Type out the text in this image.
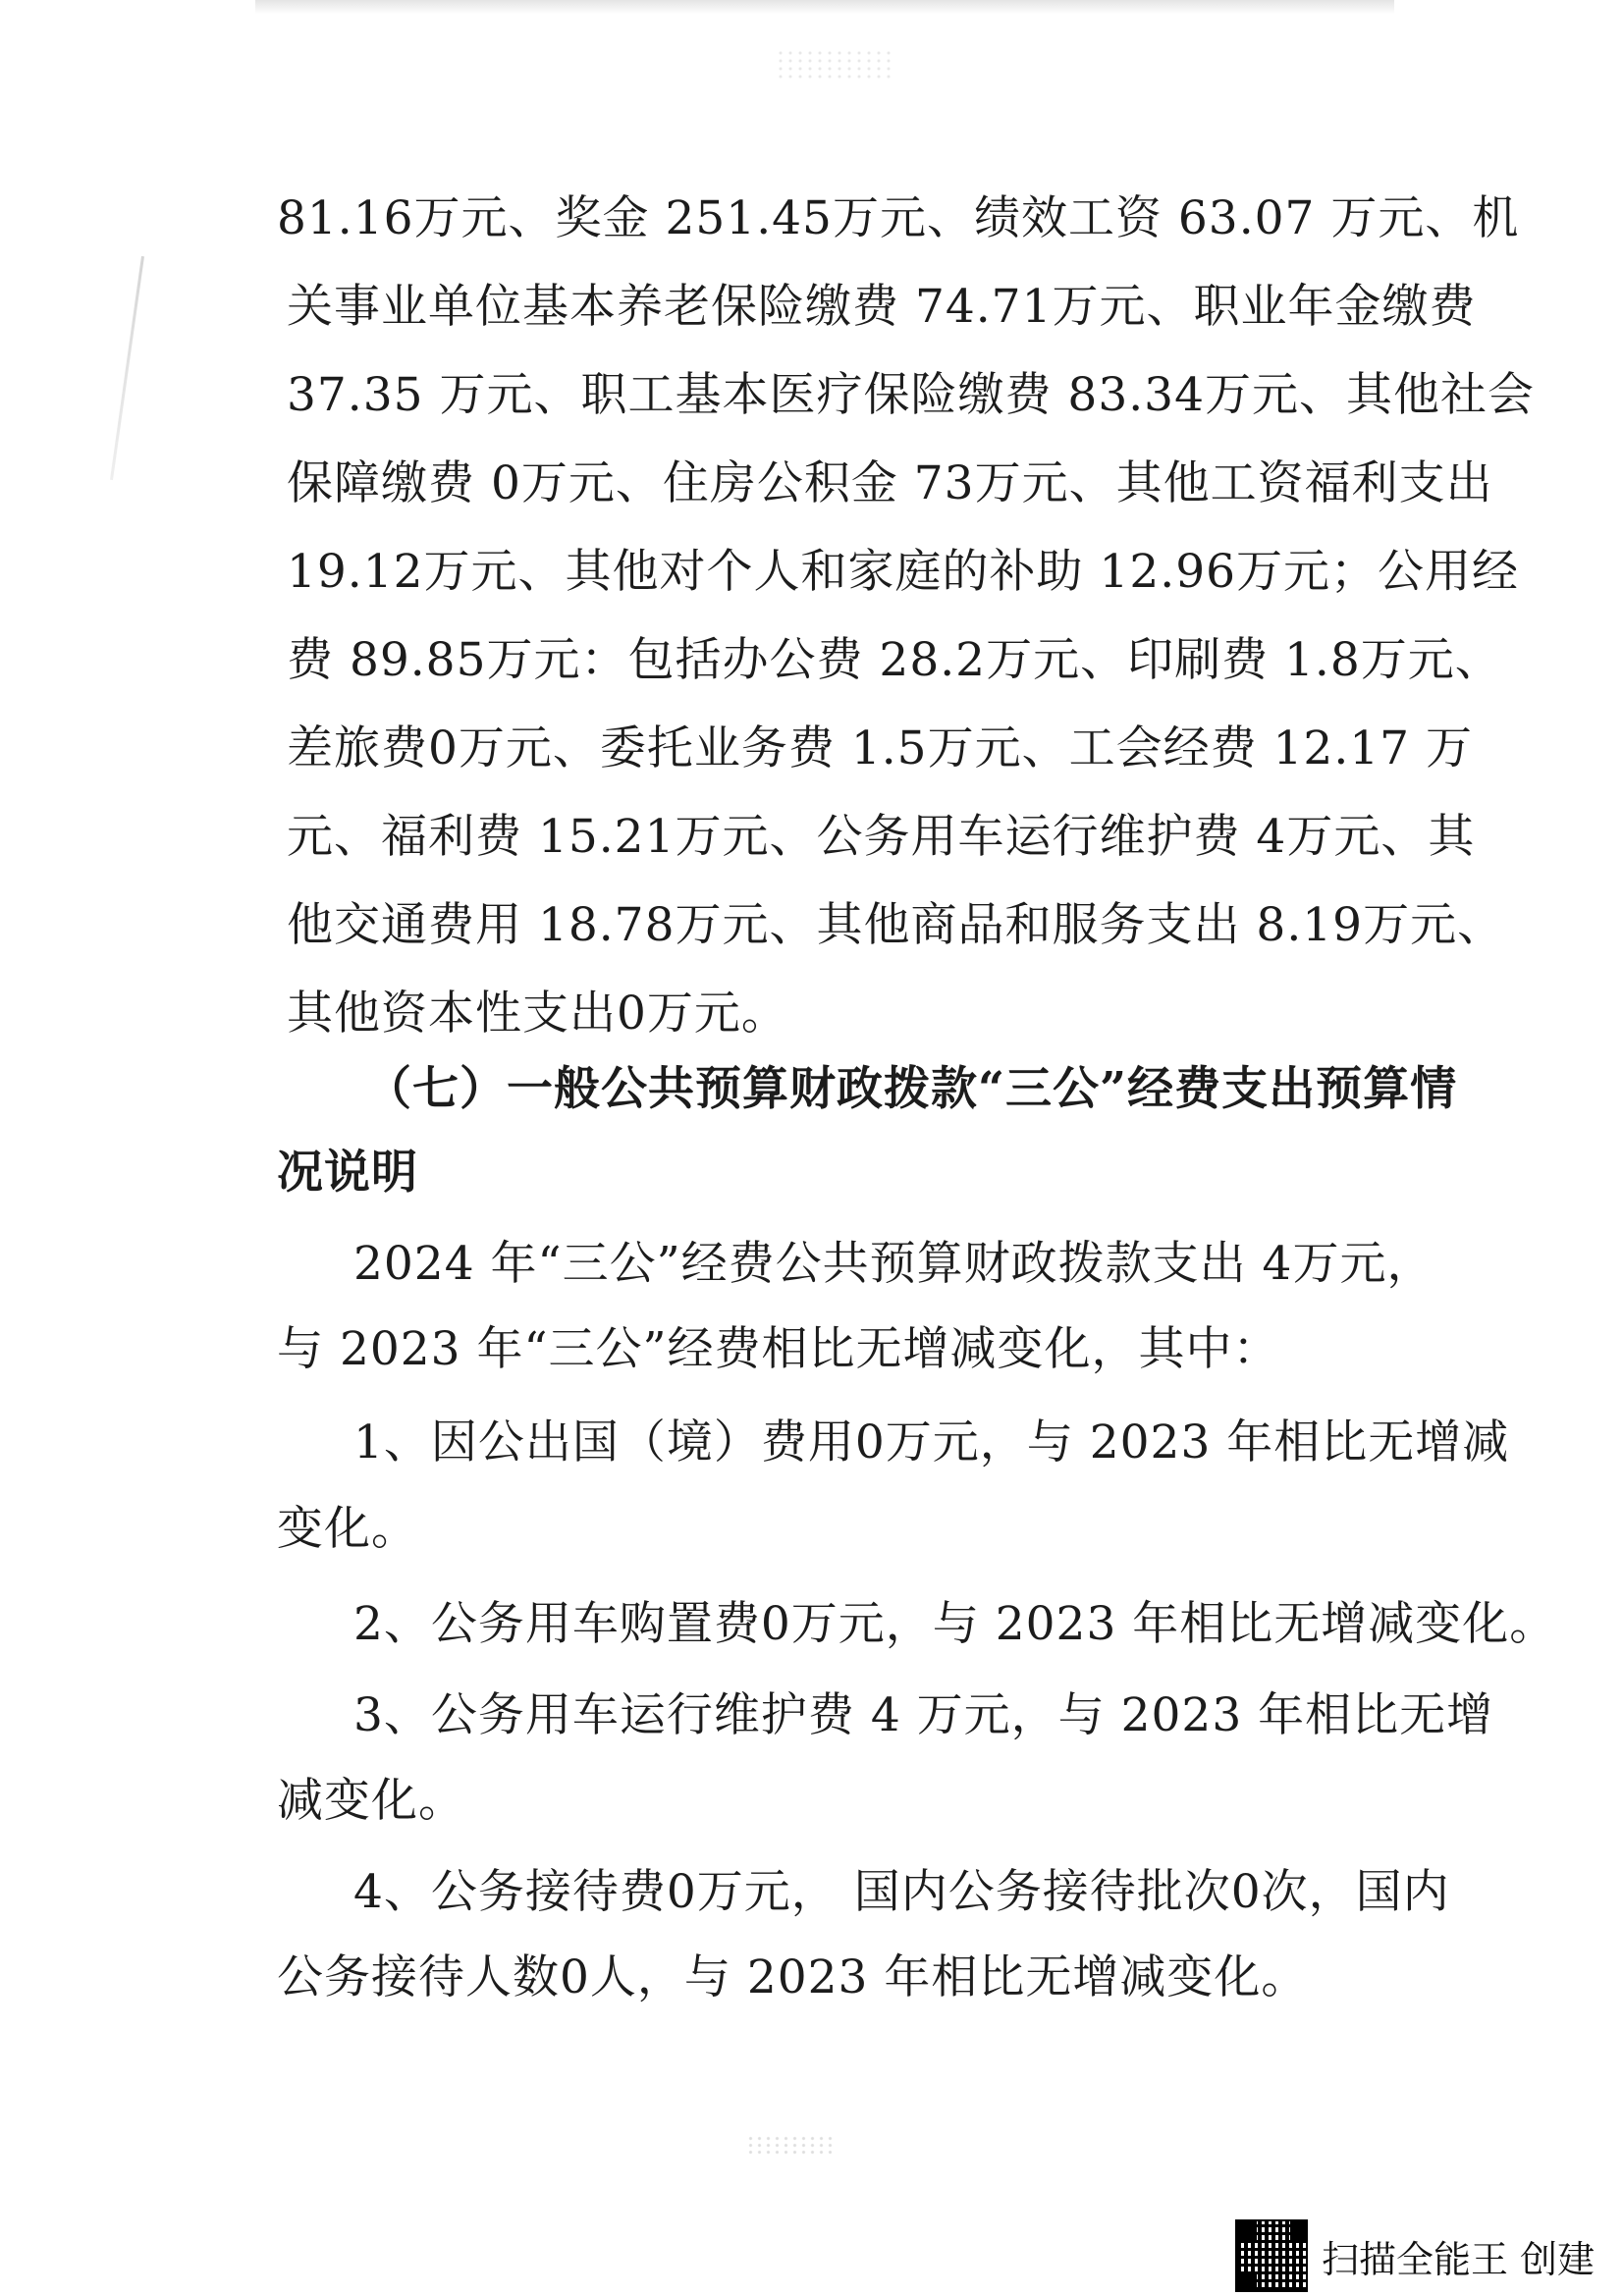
81.16万元、奖金 251.45万元、绩效工资 63.07 万元、机
关事业单位基本养老保险缴费 74.71万元、职业年金缴费
37.35 万元、职工基本医疗保险缴费 83.34万元、其他社会
保障缴费 0万元、住房公积金 73万元、其他工资福利支出
19.12万元、其他对个人和家庭的补助 12.96万元；公用经
费 89.85万元：包括办公费 28.2万元、印刷费 1.8万元、
差旅费0万元、委托业务费 1.5万元、工会经费 12.17 万
元、福利费 15.21万元、公务用车运行维护费 4万元、其
他交通费用 18.78万元、其他商品和服务支出 8.19万元、
其他资本性支出0万元。
（七）一般公共预算财政拨款“三公”经费支出预算情
况说明
2024 年“三公”经费公共预算财政拨款支出 4万元，
与 2023 年“三公”经费相比无增减变化，其中：
1、因公出国（境）费用0万元，与 2023 年相比无增减
变化。
2、公务用车购置费0万元，与 2023 年相比无增减变化。
3、公务用车运行维护费 4 万元，与 2023 年相比无增
减变化。
4、公务接待费0万元， 国内公务接待批次0次，国内
公务接待人数0人，与 2023 年相比无增减变化。
扫描全能王 创建
